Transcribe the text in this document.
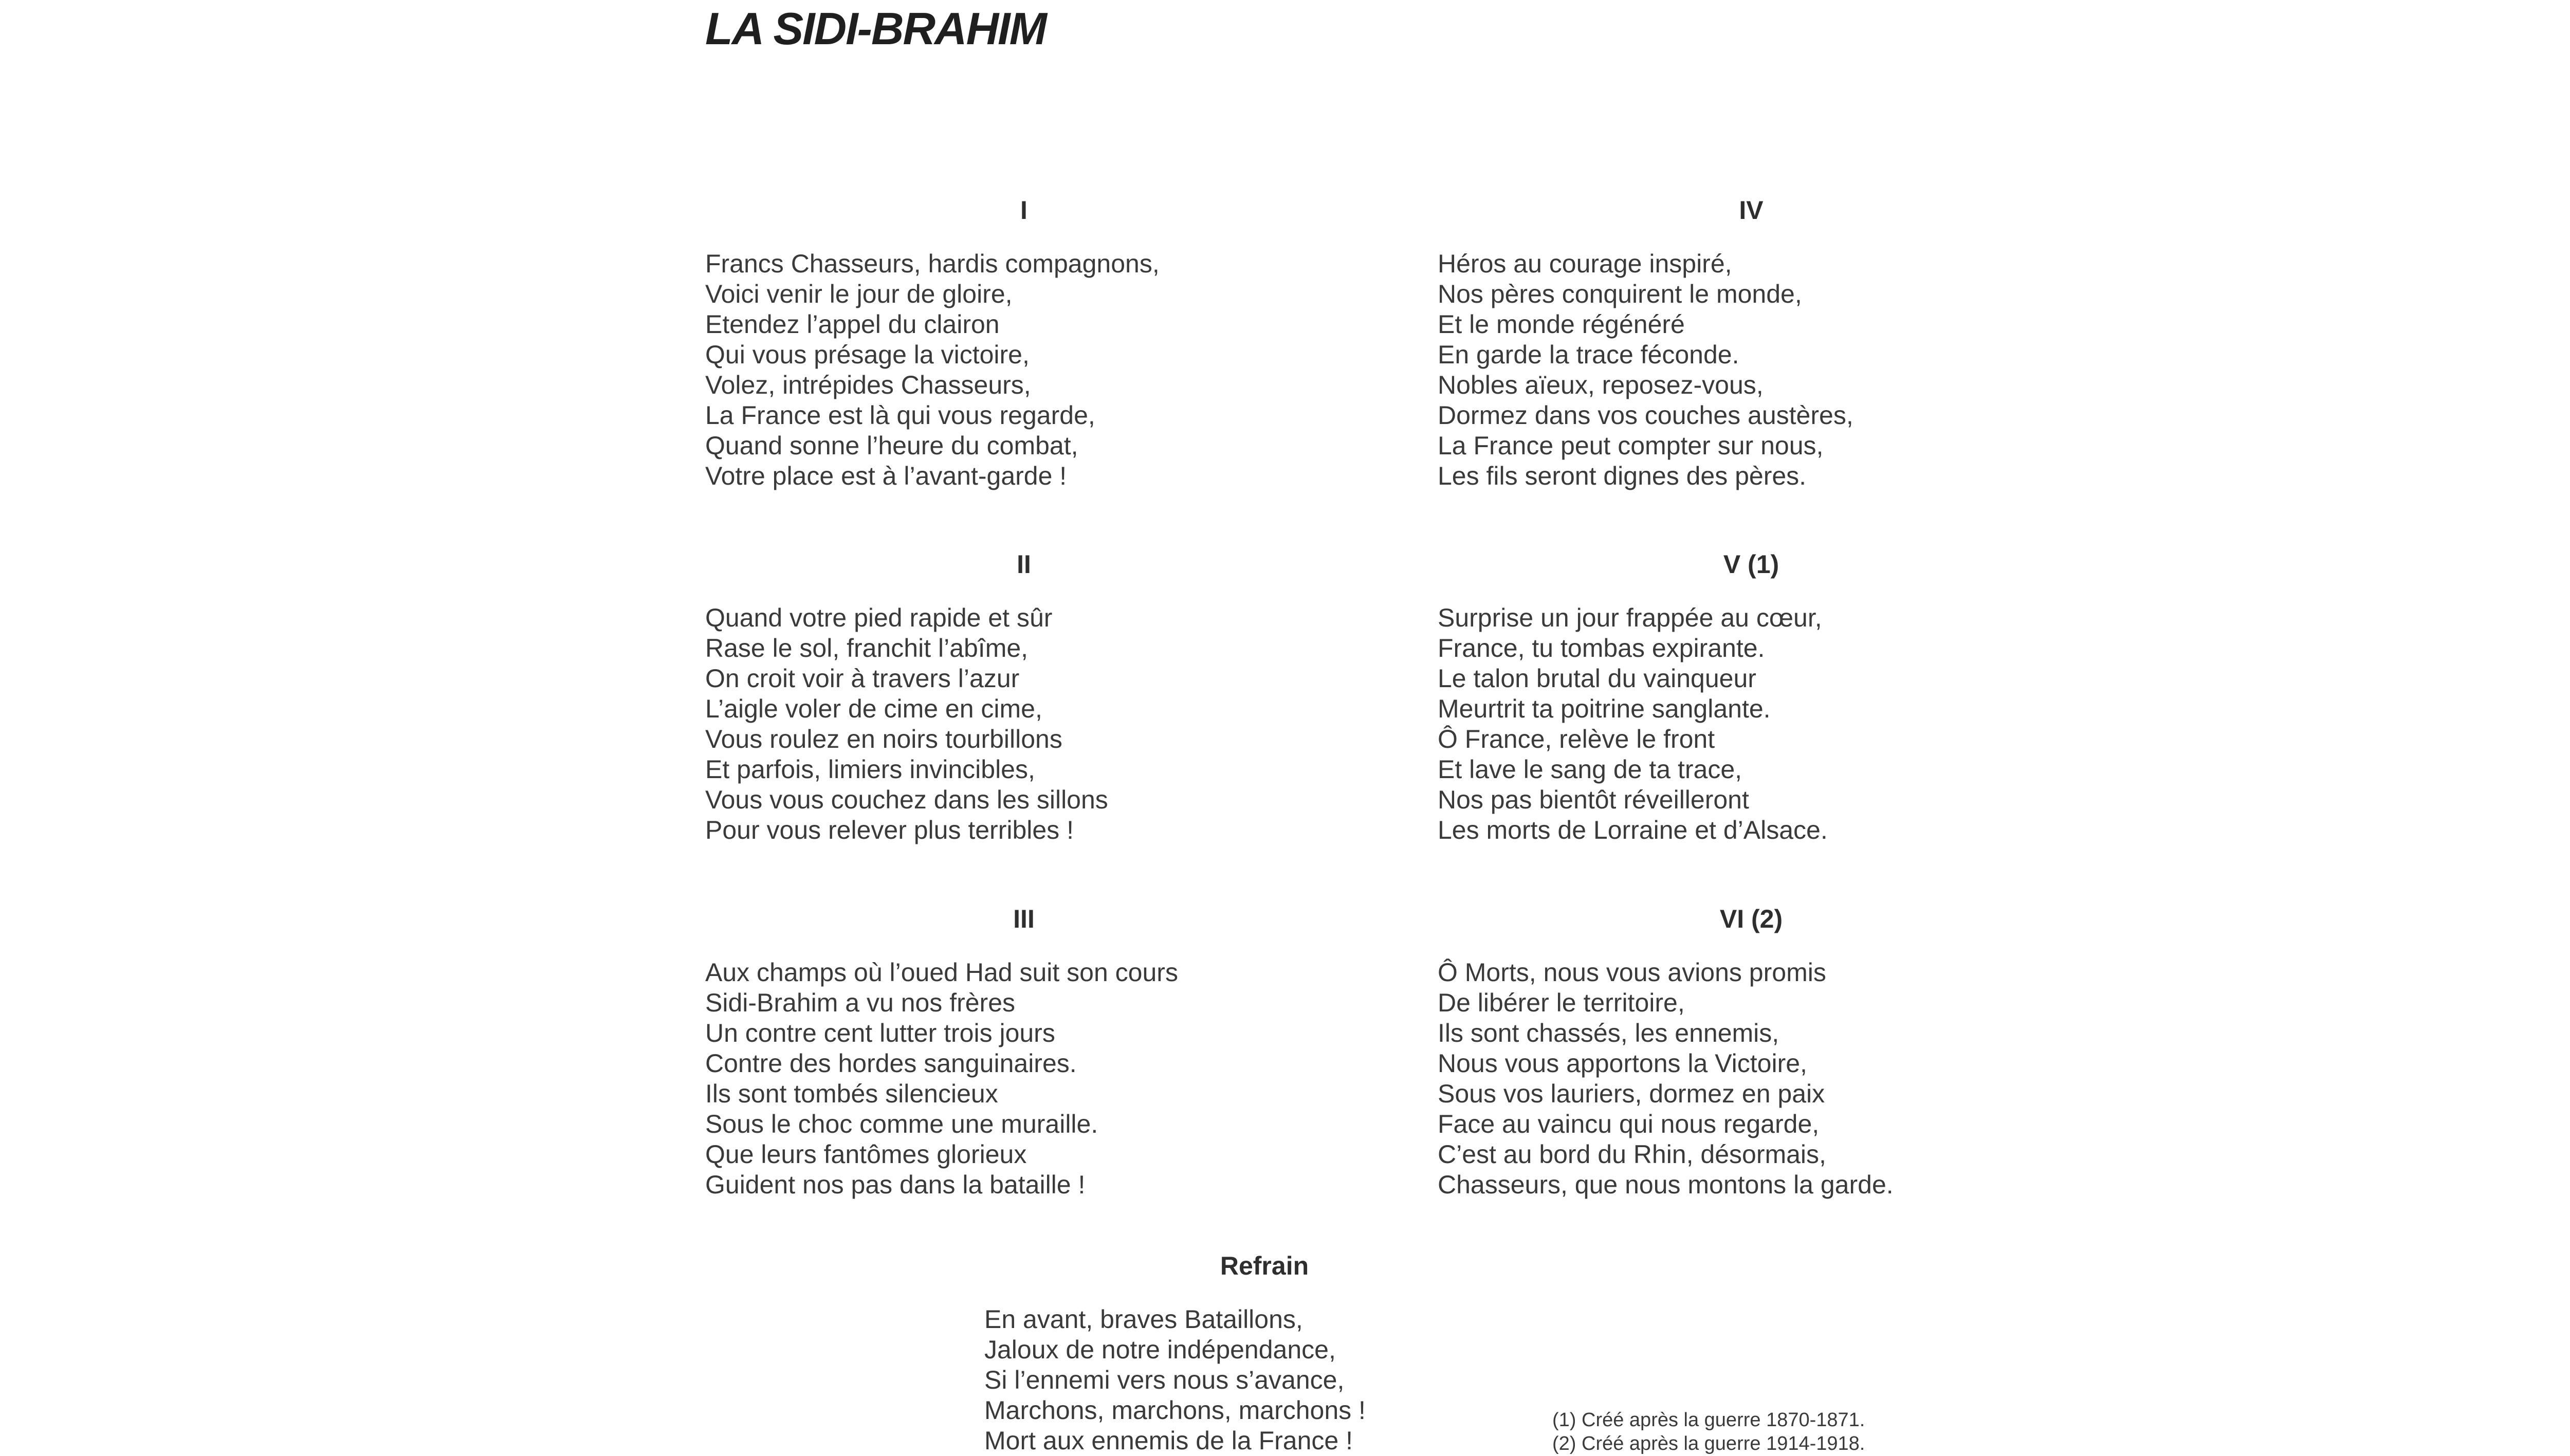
LA SIDI-BRAHIM
I
Francs Chasseurs, hardis compagnons,
Voici venir le jour de gloire,
Etendez l’appel du clairon
Qui vous présage la victoire,
Volez, intrépides Chasseurs,
La France est là qui vous regarde,
Quand sonne l’heure du combat,
Votre place est à l’avant-garde !
II
Quand votre pied rapide et sûr
Rase le sol, franchit l’abîme,
On croit voir à travers l’azur
L’aigle voler de cime en cime,
Vous roulez en noirs tourbillons
Et parfois, limiers invincibles,
Vous vous couchez dans les sillons
Pour vous relever plus terribles !
III
Aux champs où l’oued Had suit son cours
Sidi-Brahim a vu nos frères
Un contre cent lutter trois jours
Contre des hordes sanguinaires.
Ils sont tombés silencieux
Sous le choc comme une muraille.
Que leurs fantômes glorieux
Guident nos pas dans la bataille !
IV
Héros au courage inspiré,
Nos pères conquirent le monde,
Et le monde régénéré
En garde la trace féconde.
Nobles aïeux, reposez-vous,
Dormez dans vos couches austères,
La France peut compter sur nous,
Les fils seront dignes des pères.
V (1)
Surprise un jour frappée au cœur,
France, tu tombas expirante.
Le talon brutal du vainqueur
Meurtrit ta poitrine sanglante.
Ô France, relève le front
Et lave le sang de ta trace,
Nos pas bientôt réveilleront
Les morts de Lorraine et d’Alsace.
VI (2)
Ô Morts, nous vous avions promis
De libérer le territoire,
Ils sont chassés, les ennemis,
Nous vous apportons la Victoire,
Sous vos lauriers, dormez en paix
Face au vaincu qui nous regarde,
C’est au bord du Rhin, désormais,
Chasseurs, que nous montons la garde.
Refrain
En avant, braves Bataillons,
Jaloux de notre indépendance,
Si l’ennemi vers nous s’avance,
Marchons, marchons, marchons !
Mort aux ennemis de la France !
(1) Créé après la guerre 1870-1871.
(2) Créé après la guerre 1914-1918.
